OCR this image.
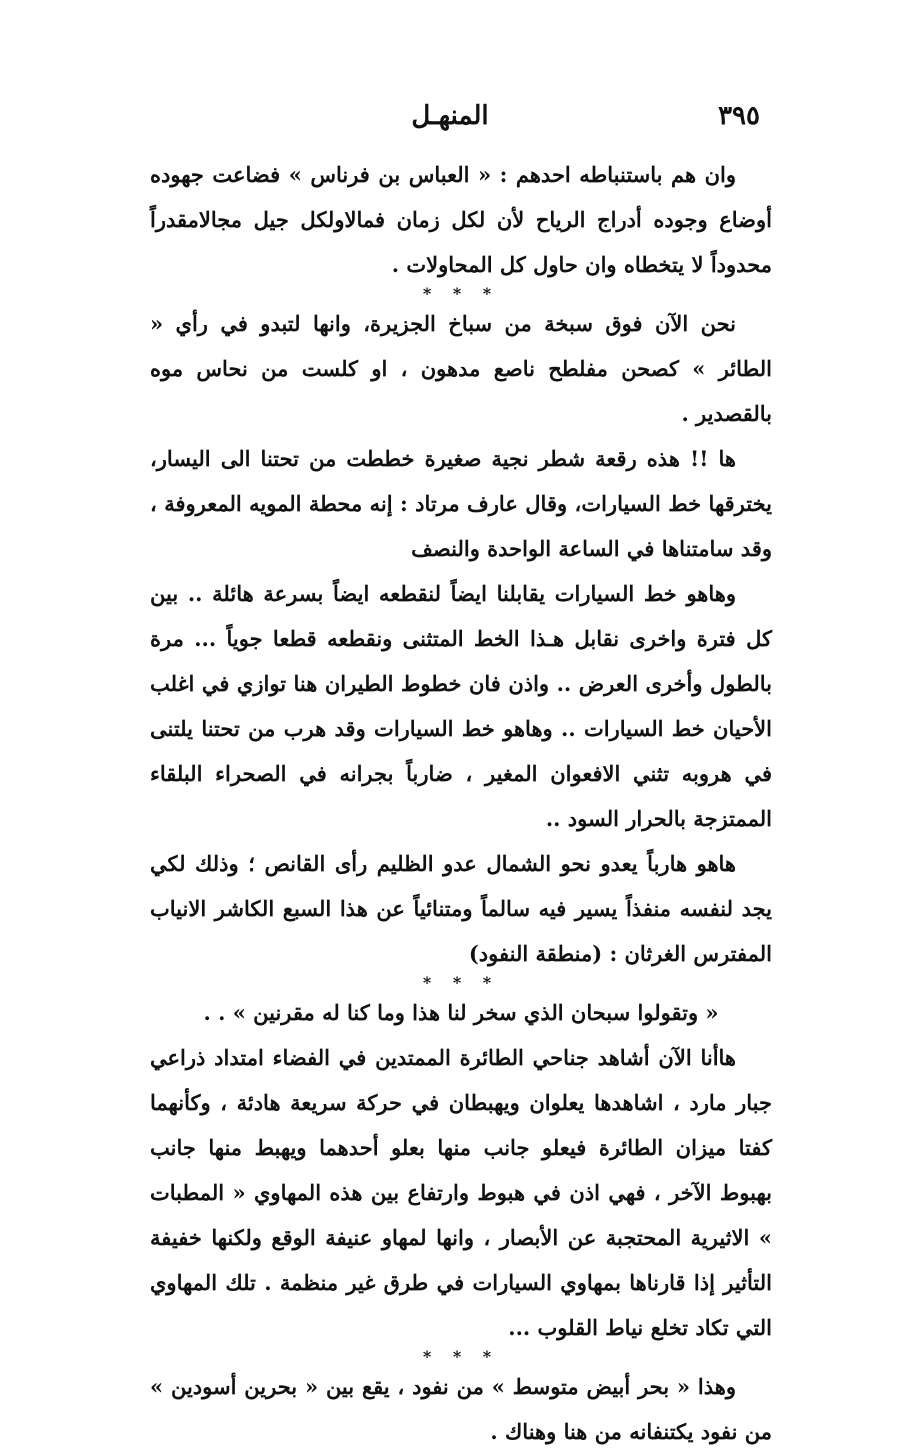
٣٩٥
المنهـل

وان هم باستنباطه احدهم : « العباس بن فرناس » فضاعت جهوده أوضاع وجوده أدراج الرياح لأن لكل زمان فمالاولكل جيل مجالامقدراً محدوداً لا يتخطاه وان حاول كل المحاولات .

* * *

نحن الآن فوق سبخة من سباخ الجزيرة، وانها لتبدو في رأي « الطائر » كصحن مفلطح ناصع مدهون ، او كلست من نحاس موه بالقصدير .

ها !! هذه رقعة شطر نجية صغيرة خططت من تحتنا الى اليسار، يخترقها خط السيارات، وقال عارف مرتاد : إنه محطة المويه المعروفة ، وقد سامتناها في الساعة الواحدة والنصف

وهاهو خط السيارات يقابلنا ايضاً لنقطعه ايضاً بسرعة هائلة .. بين كل فترة واخرى نقابل هـذا الخط المتثنى ونقطعه قطعا جوياً ... مرة بالطول وأخرى العرض .. واذن فان خطوط الطيران هنا توازي في اغلب الأحيان خط السيارات .. وهاهو خط السيارات وقد هرب من تحتنا يلتنى في هروبه تثني الافعوان المغير ، ضارباً بجرانه في الصحراء البلقاء الممتزجة بالحرار السود ..

هاهو هارباً يعدو نحو الشمال عدو الظليم رأى القانص ؛ وذلك لكي يجد لنفسه منفذاً يسير فيه سالماً ومتنائياً عن هذا السبع الكاشر الانياب المفترس الغرثان : (منطقة النفود)

* * *

« وتقولوا سبحان الذي سخر لنا هذا وما كنا له مقرنين » . .

هاأنا الآن أشاهد جناحي الطائرة الممتدين في الفضاء امتداد ذراعي جبار مارد ، اشاهدها يعلوان ويهبطان في حركة سريعة هادئة ، وكأنهما كفتا ميزان الطائرة فيعلو جانب منها بعلو أحدهما ويهبط منها جانب بهبوط الآخر ، فهي اذن في هبوط وارتفاع بين هذه المهاوي « المطبات » الاثيرية المحتجبة عن الأبصار ، وانها لمهاو عنيفة الوقع ولكنها خفيفة التأثير إذا قارناها بمهاوي السيارات في طرق غير منظمة . تلك المهاوي التي تكاد تخلع نياط القلوب ...

* * *

وهذا « بحر أبيض متوسط » من نفود ، يقع بين « بحرين أسودين » من نفود يكتنفانه من هنا وهناك .
